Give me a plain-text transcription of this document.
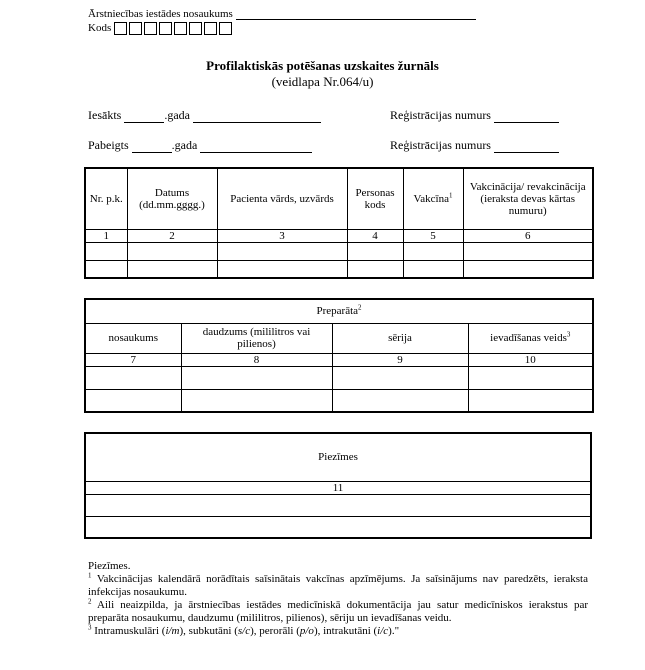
Ārstniecības iestādes nosaukums
Kods
Profilaktiskās potēšanas uzskaites žurnāls
(veidlapa Nr.064/u)
Iesākts	.gada	Reģistrācijas numurs
Pabeigts	.gada	Reģistrācijas numurs
Nr. p.k.	Datums (dd.mm.gggg.)	Pacienta vārds, uzvārds	Personas kods	Vakcīna$^1$	Vakcinācija/ revakcinācija (ieraksta devas kārtas numuru)
1	2	3	4	5	6

Preparāta$^2$
nosaukums	daudzums (mililitros vai pilienos)	sērija	ievadīšanas veids$^3$
7	8	9	10

Piezīmes
11

Piezīmes.
$^1$ Vakcinācijas kalendārā norādītais saīsinātais vakcīnas apzīmējums. Ja saīsinājums nav paredzēts, ieraksta infekcijas nosaukumu.
$^2$ Aili neaizpilda, ja ārstniecības iestādes medicīniskā dokumentācija jau satur medicīniskos ierakstus par preparāta nosaukumu, daudzumu (mililitros, pilienos), sēriju un ievadīšanas veidu.
$^3$ Intramuskulāri (i/m), subkutāni (s/c), perorāli (p/o), intrakutāni (i/c)."
